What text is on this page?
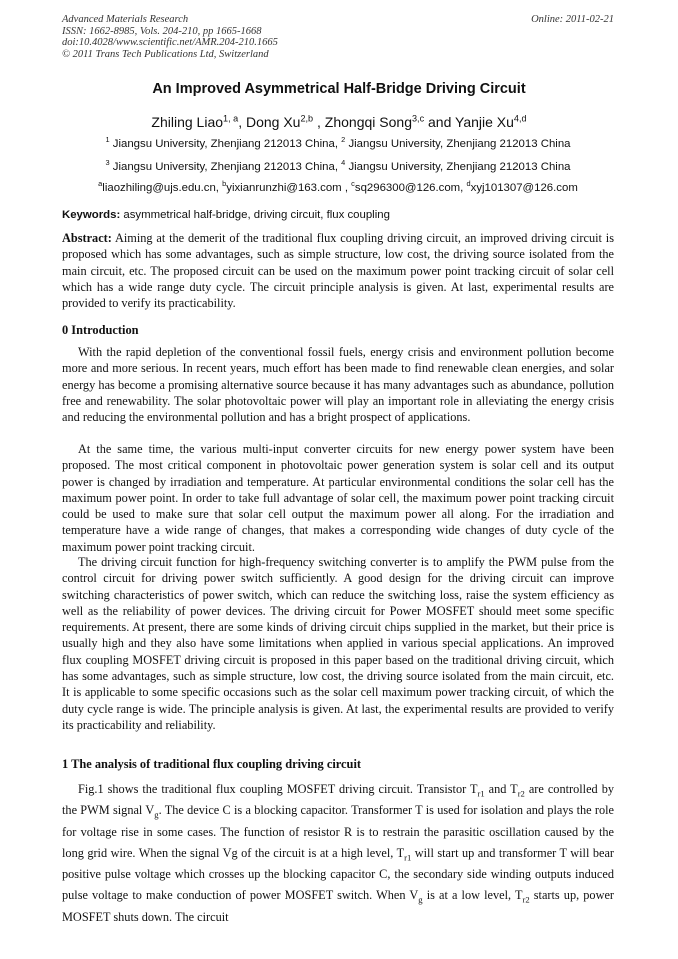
Advanced Materials Research
ISSN: 1662-8985, Vols. 204-210, pp 1665-1668
doi:10.4028/www.scientific.net/AMR.204-210.1665
© 2011 Trans Tech Publications Ltd, Switzerland
Online: 2011-02-21
An Improved Asymmetrical Half-Bridge Driving Circuit
Zhiling Liao$^{1, a}$, Dong Xu$^{2,b}$ , Zhongqi Song$^{3,c}$ and Yanjie Xu$^{4,d}$
$^1$ Jiangsu University, Zhenjiang 212013 China, $^2$ Jiangsu University, Zhenjiang 212013 China
$^3$ Jiangsu University, Zhenjiang 212013 China, $^4$ Jiangsu University, Zhenjiang 212013 China
$^a$liaozhiling@ujs.edu.cn, $^b$yixianrunzhi@163.com , $^c$sq296300@126.com, $^d$xyj101307@126.com
Keywords: asymmetrical half-bridge, driving circuit, flux coupling
Abstract: Aiming at the demerit of the traditional flux coupling driving circuit, an improved driving circuit is proposed which has some advantages, such as simple structure, low cost, the driving source isolated from the main circuit, etc. The proposed circuit can be used on the maximum power point tracking circuit of solar cell which has a wide range duty cycle. The circuit principle analysis is given. At last, experimental results are provided to verify its practicability.
0 Introduction
With the rapid depletion of the conventional fossil fuels, energy crisis and environment pollution become more and more serious. In recent years, much effort has been made to find renewable clean energies, and solar energy has become a promising alternative source because it has many advantages such as abundance, pollution free and renewability. The solar photovoltaic power will play an important role in alleviating the energy crisis and reducing the environmental pollution and has a bright prospect of applications.
At the same time, the various multi-input converter circuits for new energy power system have been proposed. The most critical component in photovoltaic power generation system is solar cell and its output power is changed by irradiation and temperature. At particular environmental conditions the solar cell has the maximum power point. In order to take full advantage of solar cell, the maximum power point tracking circuit could be used to make sure that solar cell output the maximum power all along. For the irradiation and temperature have a wide range of changes, that makes a corresponding wide changes of duty cycle of the maximum power point tracking circuit.
The driving circuit function for high-frequency switching converter is to amplify the PWM pulse from the control circuit for driving power switch sufficiently. A good design for the driving circuit can improve switching characteristics of power switch, which can reduce the switching loss, raise the system efficiency as well as the reliability of power devices. The driving circuit for Power MOSFET should meet some specific requirements. At present, there are some kinds of driving circuit chips supplied in the market, but their price is usually high and they also have some limitations when applied in various special applications. An improved flux coupling MOSFET driving circuit is proposed in this paper based on the traditional driving circuit, which has some advantages, such as simple structure, low cost, the driving source isolated from the main circuit, etc. It is applicable to some specific occasions such as the solar cell maximum power tracking circuit, of which the duty cycle range is wide. The principle analysis is given. At last, the experimental results are provided to verify its practicability and reliability.
1 The analysis of traditional flux coupling driving circuit
Fig.1 shows the traditional flux coupling MOSFET driving circuit. Transistor $T_{r1}$ and $T_{r2}$ are controlled by the PWM signal $V_g$. The device C is a blocking capacitor. Transformer T is used for isolation and plays the role for voltage rise in some cases. The function of resistor R is to restrain the parasitic oscillation caused by the long grid wire. When the signal Vg of the circuit is at a high level, $T_{r1}$ will start up and transformer T will bear positive pulse voltage which crosses up the blocking capacitor C, the secondary side winding outputs induced pulse voltage to make conduction of power MOSFET switch. When $V_g$ is at a low level, $T_{r2}$ starts up, power MOSFET shuts down. The circuit
